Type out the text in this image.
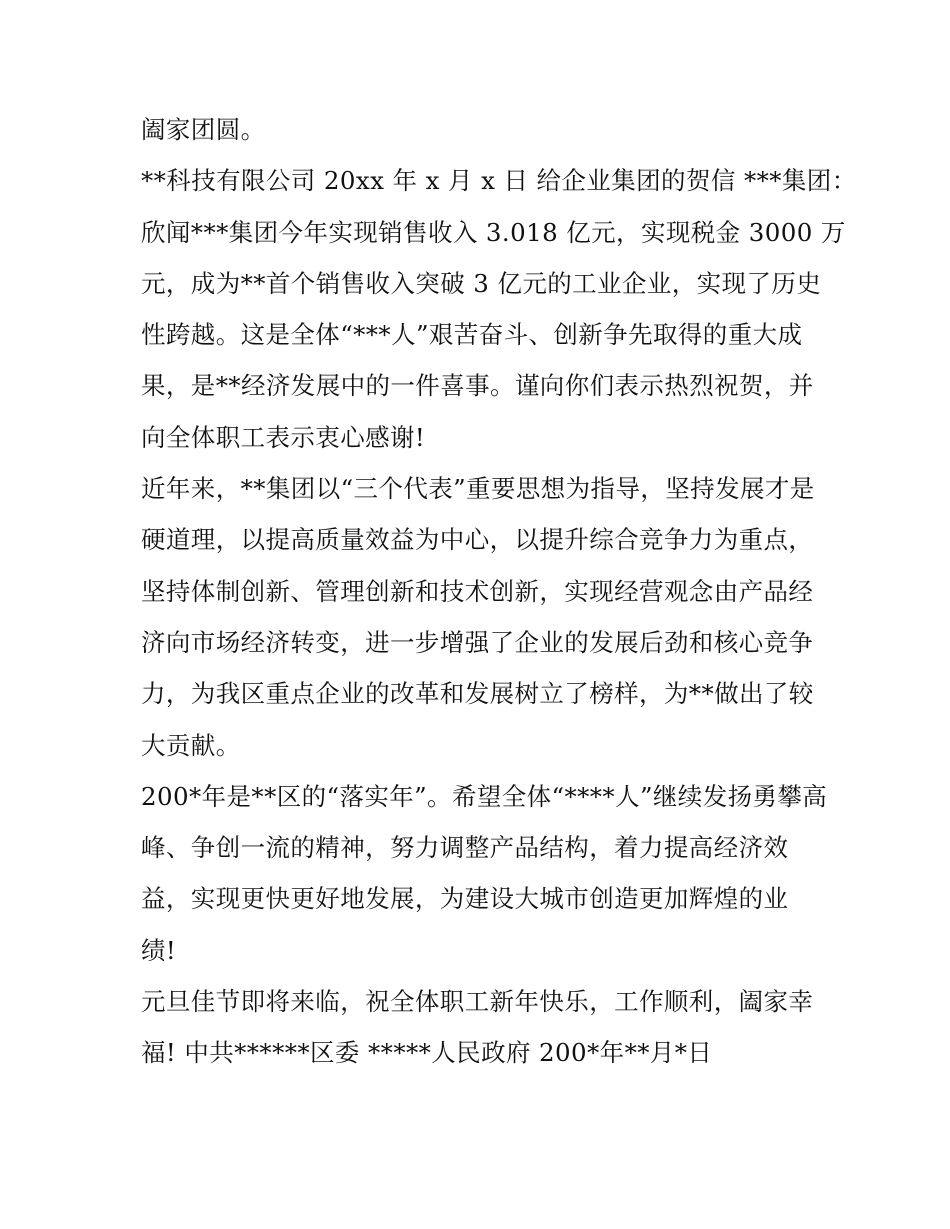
阖家团圆。
**科技有限公司 20xx 年 x 月 x 日 给企业集团的贺信 ***集团：
欣闻***集团今年实现销售收入 3.018 亿元，实现税金 3000 万
元，成为**首个销售收入突破 3 亿元的工业企业，实现了历史
性跨越。这是全体“***人”艰苦奋斗、创新争先取得的重大成
果，是**经济发展中的一件喜事。谨向你们表示热烈祝贺，并
向全体职工表示衷心感谢!
近年来，**集团以“三个代表”重要思想为指导，坚持发展才是
硬道理，以提高质量效益为中心，以提升综合竞争力为重点，
坚持体制创新、管理创新和技术创新，实现经营观念由产品经
济向市场经济转变，进一步增强了企业的发展后劲和核心竞争
力，为我区重点企业的改革和发展树立了榜样，为**做出了较
大贡献。
200*年是**区的“落实年”。希望全体“****人”继续发扬勇攀高
峰、争创一流的精神，努力调整产品结构，着力提高经济效
益，实现更快更好地发展，为建设大城市创造更加辉煌的业
绩!
元旦佳节即将来临，祝全体职工新年快乐，工作顺利，阖家幸
福! 中共******区委 *****人民政府 200*年**月*日
